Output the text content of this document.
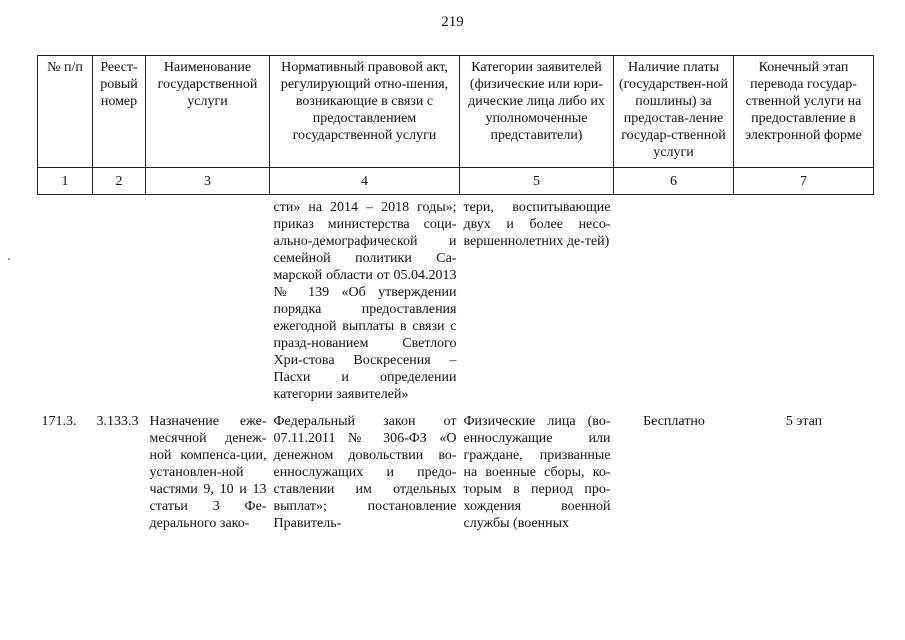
219
№ п/п	Реест-ровый номер	Наименование государственной услуги	Нормативный правовой акт, регулирующий отно-шения, возникающие в связи с предоставлением государственной услуги	Категории заявителей (физические или юри-дические лица либо их уполномоченные представители)	Наличие платы (государствен-ной пошлины) за предостав-ление государ-ственной услуги	Конечный этап перевода государ-ственной услуги на предоставление в электронной форме
1	2	3	4	5	6	7
			сти» на 2014 – 2018 годы»; приказ министерства соци-ально-демографической и семейной политики Са-марской области от 05.04.2013 № 139 «Об утверждении порядка предоставления ежегодной выплаты в связи с празд-нованием Светлого Хри-стова Воскресения – Пасхи и определении категории заявителей»	тери, воспитывающие двух и более несо-вершеннолетних де-тей)		
171.3.	3.133.3	Назначение еже-месячной денеж-ной компенса-ции, установлен-ной частями 9, 10 и 13 статьи 3 Фе-дерального зако-	Федеральный закон от 07.11.2011 № 306-ФЗ «О денежном довольствии во-еннослужащих и предо-ставлении им отдельных выплат»; постановление Правитель-	Физические лица (во-еннослужащие или граждане, призванные на военные сборы, ко-торым в период про-хождения военной службы (военных	Бесплатно	5 этап
